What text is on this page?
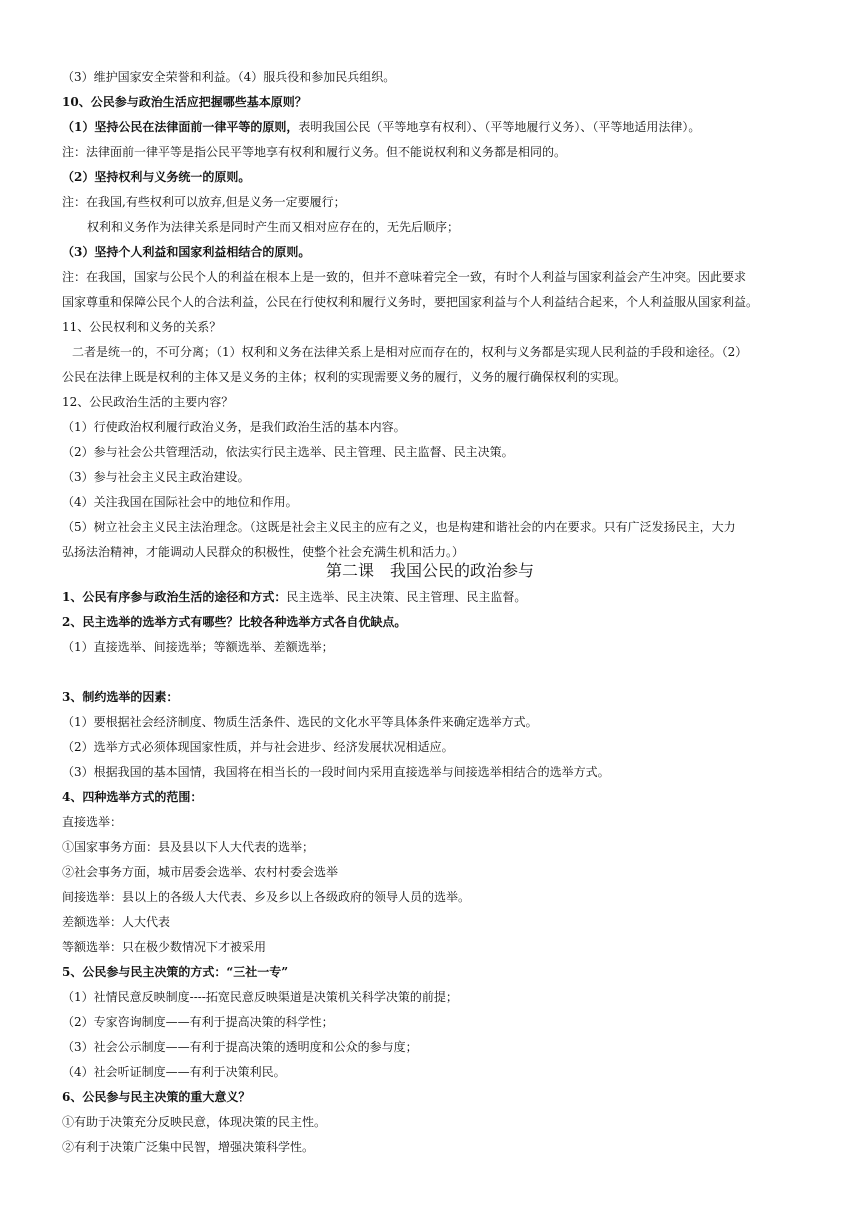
（3）维护国家安全荣誉和利益。（4）服兵役和参加民兵组织。
10、公民参与政治生活应把握哪些基本原则？
（1）坚持公民在法律面前一律平等的原则，表明我国公民（平等地享有权利）、（平等地履行义务）、（平等地适用法律）。
注：法律面前一律平等是指公民平等地享有权利和履行义务。但不能说权利和义务都是相同的。
（2）坚持权利与义务统一的原则。
注：在我国,有些权利可以放弃,但是义务一定要履行；
权利和义务作为法律关系是同时产生而又相对应存在的，无先后顺序；
（3）坚持个人利益和国家利益相结合的原则。
注：在我国，国家与公民个人的利益在根本上是一致的，但并不意味着完全一致，有时个人利益与国家利益会产生冲突。因此要求
国家尊重和保障公民个人的合法利益，公民在行使权利和履行义务时，要把国家利益与个人利益结合起来，个人利益服从国家利益。
11、公民权利和义务的关系？
二者是统一的，不可分离；（1）权利和义务在法律关系上是相对应而存在的，权利与义务都是实现人民利益的手段和途径。（2）
公民在法律上既是权利的主体又是义务的主体；权利的实现需要义务的履行，义务的履行确保权利的实现。
12、公民政治生活的主要内容？
（1）行使政治权利履行政治义务，是我们政治生活的基本内容。
（2）参与社会公共管理活动，依法实行民主选举、民主管理、民主监督、民主决策。
（3）参与社会主义民主政治建设。
（4）关注我国在国际社会中的地位和作用。
（5）树立社会主义民主法治理念。（这既是社会主义民主的应有之义，也是构建和谐社会的内在要求。只有广泛发扬民主，大力
弘扬法治精神，才能调动人民群众的积极性，使整个社会充满生机和活力。）
第二课 我国公民的政治参与
1、公民有序参与政治生活的途径和方式：民主选举、民主决策、民主管理、民主监督。
2、民主选举的选举方式有哪些？比较各种选举方式各自优缺点。
（1）直接选举、间接选举；等额选举、差额选举；
3、制约选举的因素：
（1）要根据社会经济制度、物质生活条件、选民的文化水平等具体条件来确定选举方式。
（2）选举方式必须体现国家性质，并与社会进步、经济发展状况相适应。
（3）根据我国的基本国情，我国将在相当长的一段时间内采用直接选举与间接选举相结合的选举方式。
4、四种选举方式的范围：
直接选举：
①国家事务方面：县及县以下人大代表的选举；
②社会事务方面，城市居委会选举、农村村委会选举
间接选举：县以上的各级人大代表、乡及乡以上各级政府的领导人员的选举。
差额选举：人大代表
等额选举：只在极少数情况下才被采用
5、公民参与民主决策的方式：“三社一专”
（1）社情民意反映制度----拓宽民意反映渠道是决策机关科学决策的前提；
（2）专家咨询制度——有利于提高决策的科学性；
（3）社会公示制度——有利于提高决策的透明度和公众的参与度；
（4）社会听证制度——有利于决策利民。
6、公民参与民主决策的重大意义？
①有助于决策充分反映民意，体现决策的民主性。
②有利于决策广泛集中民智，增强决策科学性。
